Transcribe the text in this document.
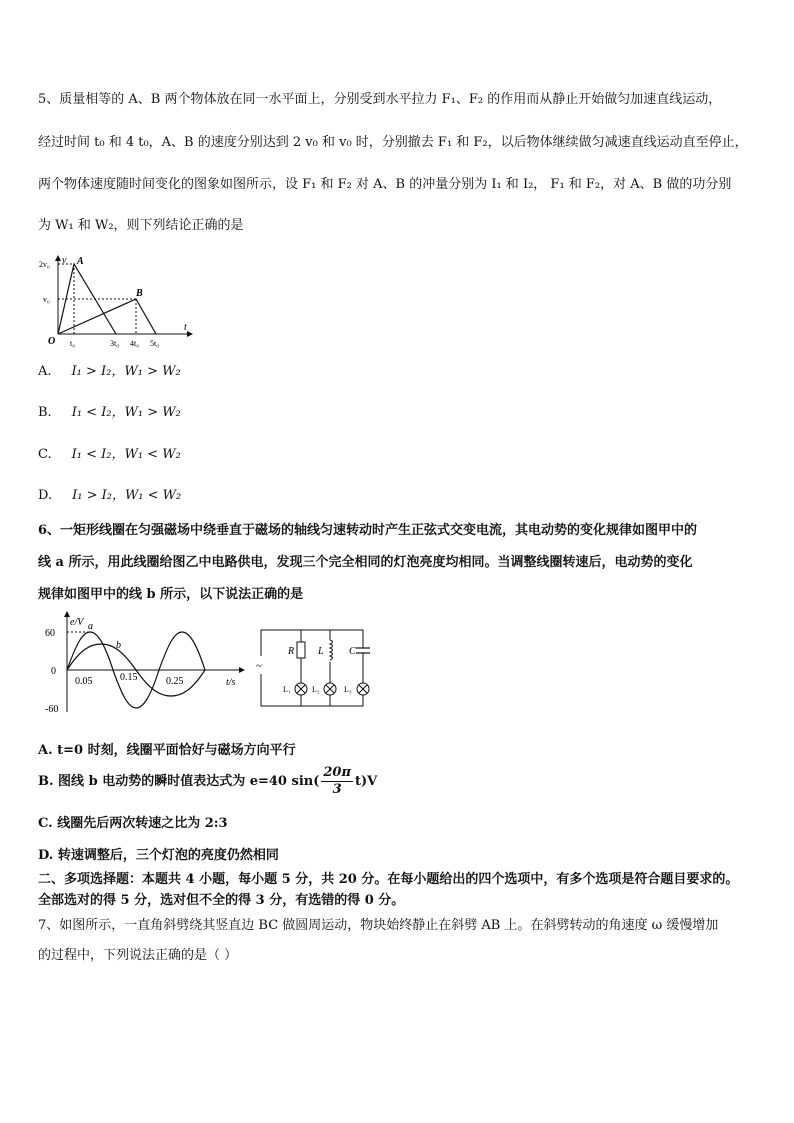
5、质量相等的 A、B 两个物体放在同一水平面上，分别受到水平拉力 F₁、F₂ 的作用而从静止开始做匀加速直线运动，
经过时间 t₀ 和 4 t₀，A、B 的速度分别达到 2 v₀ 和 v₀ 时，分别撤去 F₁ 和 F₂，以后物体继续做匀减速直线运动直至停止，
两个物体速度随时间变化的图象如图所示，设 F₁ 和 F₂ 对 A、B 的冲量分别为 I₁ 和 I₂， F₁ 和 F₂，对 A、B 做的功分别
为 W₁ 和 W₂，则下列结论正确的是
v
t
O
2v₀
v₀
t₀	3t₀ 4t₀ 5t₀
A
B
A. I₁ > I₂，W₁ > W₂
B. I₁ < I₂，W₁ > W₂
C. I₁ < I₂，W₁ < W₂
D. I₁ > I₂，W₁ < W₂
6、一矩形线圈在匀强磁场中绕垂直于磁场的轴线匀速转动时产生正弦式交变电流，其电动势的变化规律如图甲中的
线 a 所示，用此线圈给图乙中电路供电，发现三个完全相同的灯泡亮度均相同。当调整线圈转速后，电动势的变化
规律如图甲中的线 b 所示，以下说法正确的是
e/V
t/s
60
0
-60
0.05	0.15	0.25
a
b
~
R L	C
L₁	L₂	L₃
A. t=0 时刻，线圈平面恰好与磁场方向平行
B. 图线 b 电动势的瞬时值表达式为 e=40 $\sin( \frac{20\pi}{3} t)V$
C. 线圈先后两次转速之比为 2:3
D. 转速调整后，三个灯泡的亮度仍然相同
二、多项选择题：本题共 4 小题，每小题 5 分，共 20 分。在每小题给出的四个选项中，有多个选项是符合题目要求的。
全部选对的得 5 分，选对但不全的得 3 分，有选错的得 0 分。
7、如图所示，一直角斜劈绕其竖直边 BC 做圆周运动，物块始终静止在斜劈 AB 上。在斜劈转动的角速度 ω 缓慢增加
的过程中，下列说法正确的是（ ）
